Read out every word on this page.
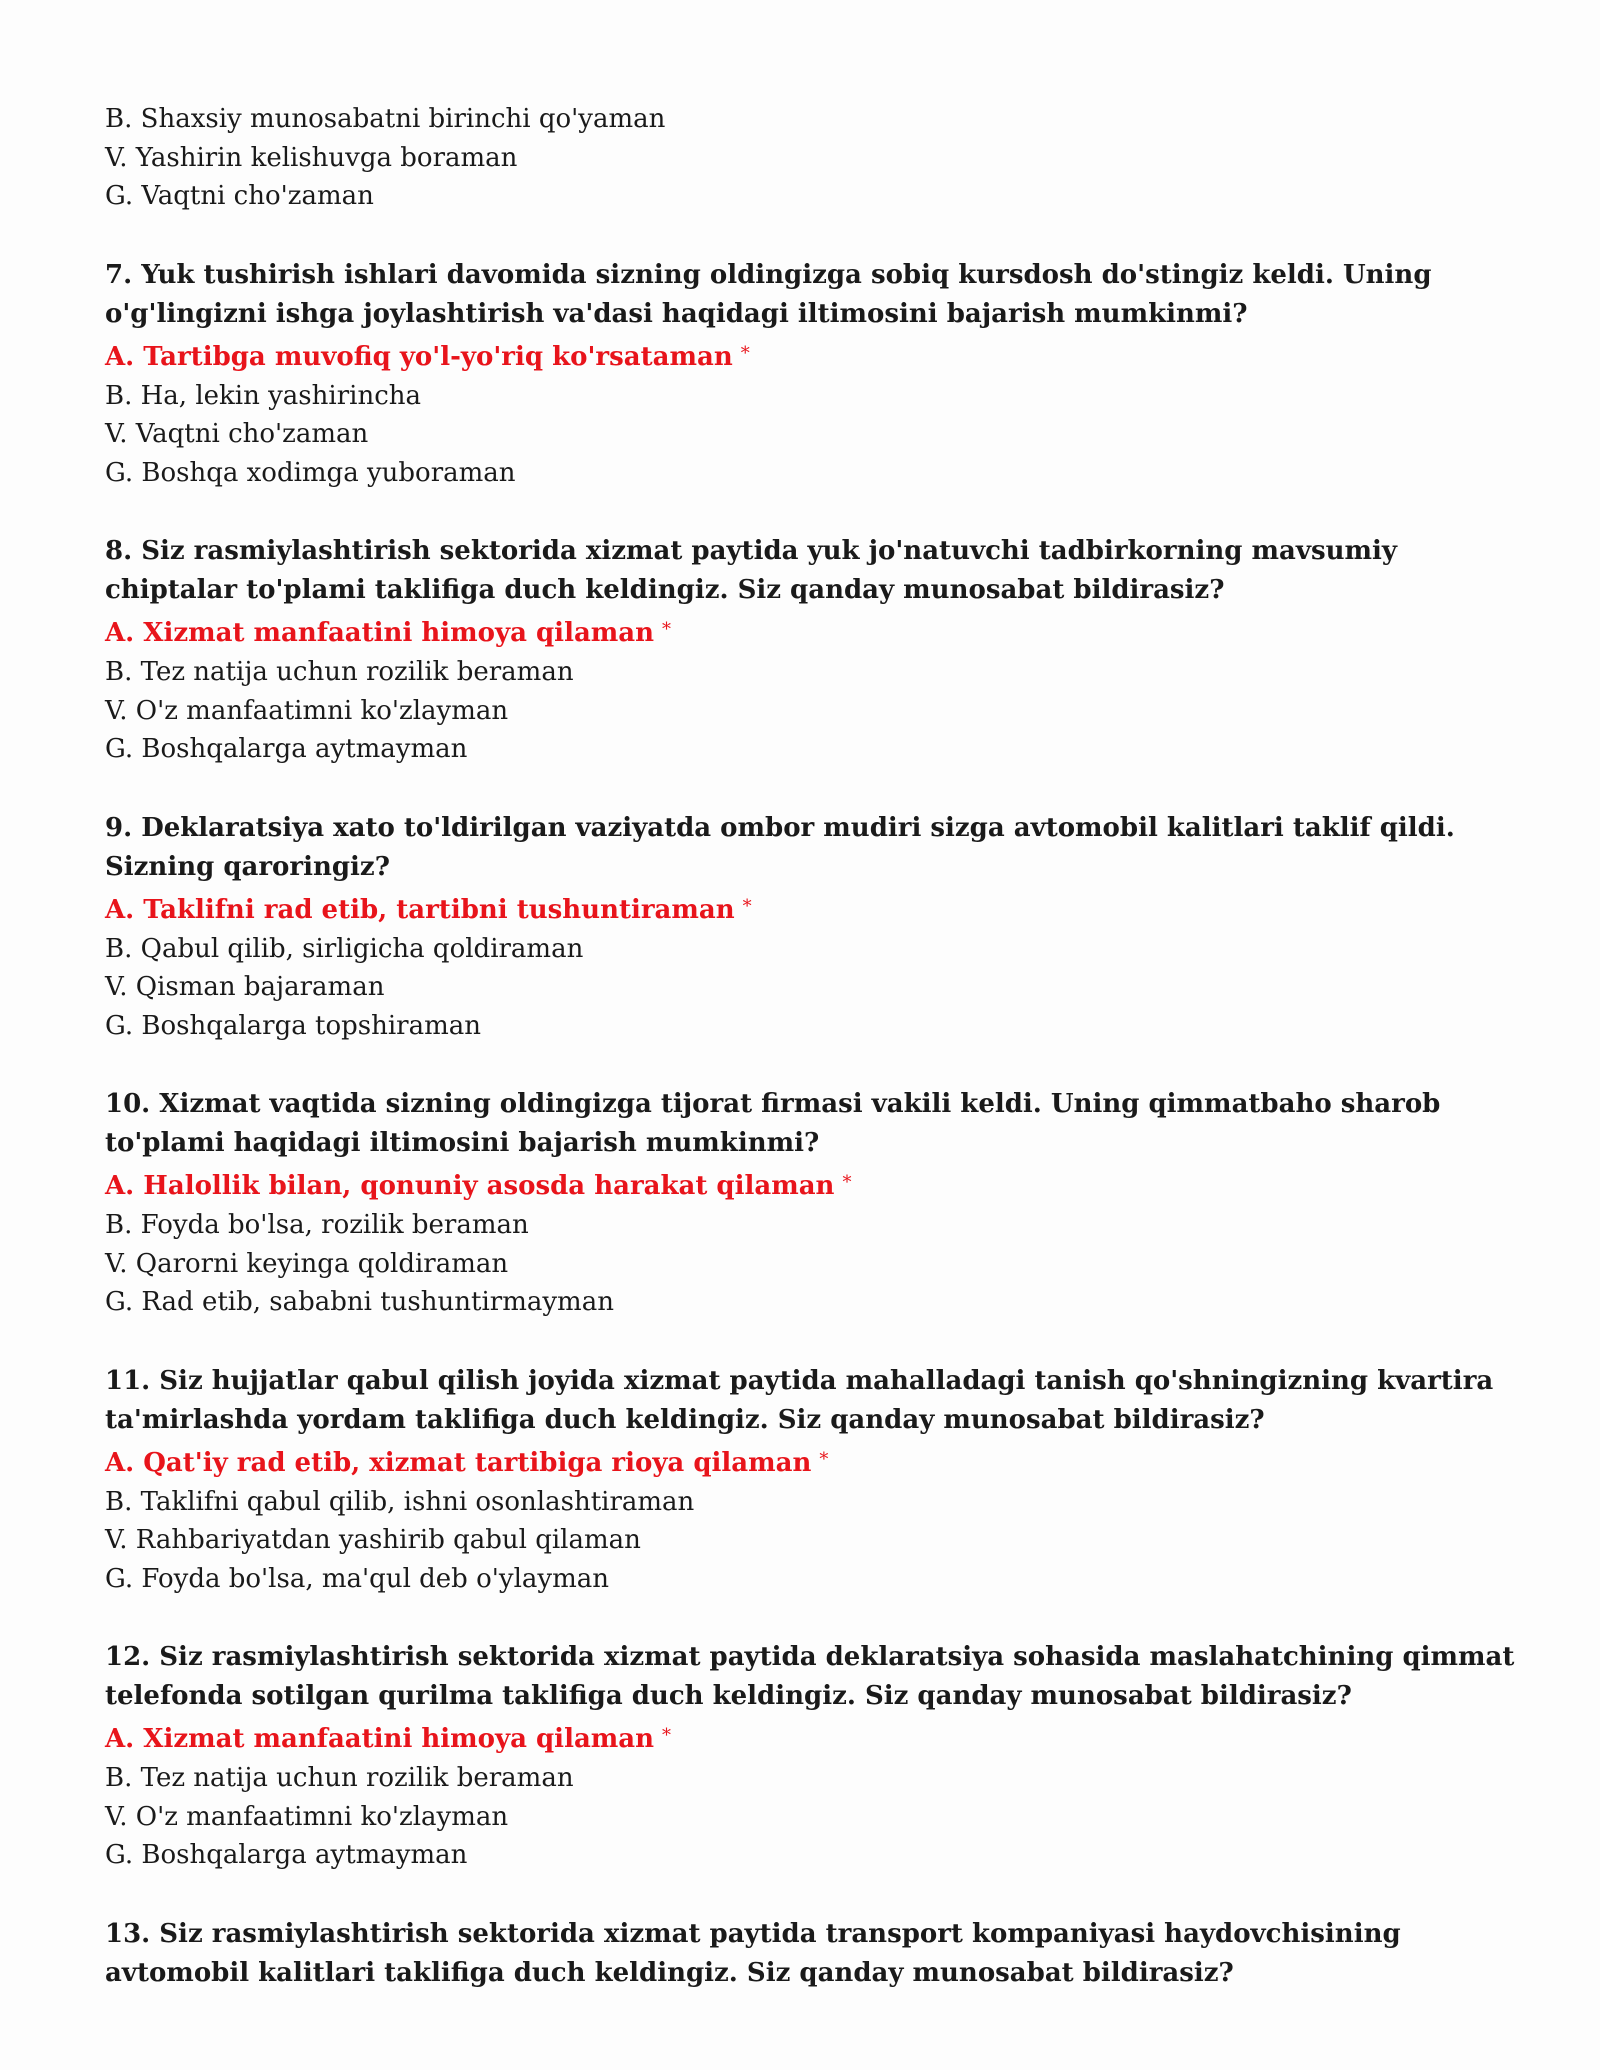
B. Shaxsiy munosabatni birinchi qo'yaman

V. Yashirin kelishuvga boraman

G. Vaqtni cho'zaman

7. Yuk tushirish ishlari davomida sizning oldingizga sobiq kursdosh do'stingiz keldi. Uning o'g'lingizni ishga joylashtirish va'dasi haqidagi iltimosini bajarish mumkinmi?

A. Tartibga muvofiq yo'l-yo'riq ko'rsataman *

B. Ha, lekin yashirincha

V. Vaqtni cho'zaman

G. Boshqa xodimga yuboraman

8. Siz rasmiylashtirish sektorida xizmat paytida yuk jo'natuvchi tadbirkorning mavsumiy chiptalar to'plami taklifiga duch keldingiz. Siz qanday munosabat bildirasiz?

A. Xizmat manfaatini himoya qilaman *

B. Tez natija uchun rozilik beraman

V. O'z manfaatimni ko'zlayman

G. Boshqalarga aytmayman

9. Deklaratsiya xato to'ldirilgan vaziyatda ombor mudiri sizga avtomobil kalitlari taklif qildi. Sizning qaroringiz?

A. Taklifni rad etib, tartibni tushuntiraman *

B. Qabul qilib, sirligicha qoldiraman

V. Qisman bajaraman

G. Boshqalarga topshiraman

10. Xizmat vaqtida sizning oldingizga tijorat firmasi vakili keldi. Uning qimmatbaho sharob to'plami haqidagi iltimosini bajarish mumkinmi?

A. Halollik bilan, qonuniy asosda harakat qilaman *

B. Foyda bo'lsa, rozilik beraman

V. Qarorni keyinga qoldiraman

G. Rad etib, sababni tushuntirmayman

11. Siz hujjatlar qabul qilish joyida xizmat paytida mahalladagi tanish qo'shningizning kvartira ta'mirlashda yordam taklifiga duch keldingiz. Siz qanday munosabat bildirasiz?

A. Qat'iy rad etib, xizmat tartibiga rioya qilaman *

B. Taklifni qabul qilib, ishni osonlashtiraman

V. Rahbariyatdan yashirib qabul qilaman

G. Foyda bo'lsa, ma'qul deb o'ylayman

12. Siz rasmiylashtirish sektorida xizmat paytida deklaratsiya sohasida maslahatchining qimmat telefonda sotilgan qurilma taklifiga duch keldingiz. Siz qanday munosabat bildirasiz?

A. Xizmat manfaatini himoya qilaman *

B. Tez natija uchun rozilik beraman

V. O'z manfaatimni ko'zlayman

G. Boshqalarga aytmayman

13. Siz rasmiylashtirish sektorida xizmat paytida transport kompaniyasi haydovchisining avtomobil kalitlari taklifiga duch keldingiz. Siz qanday munosabat bildirasiz?
